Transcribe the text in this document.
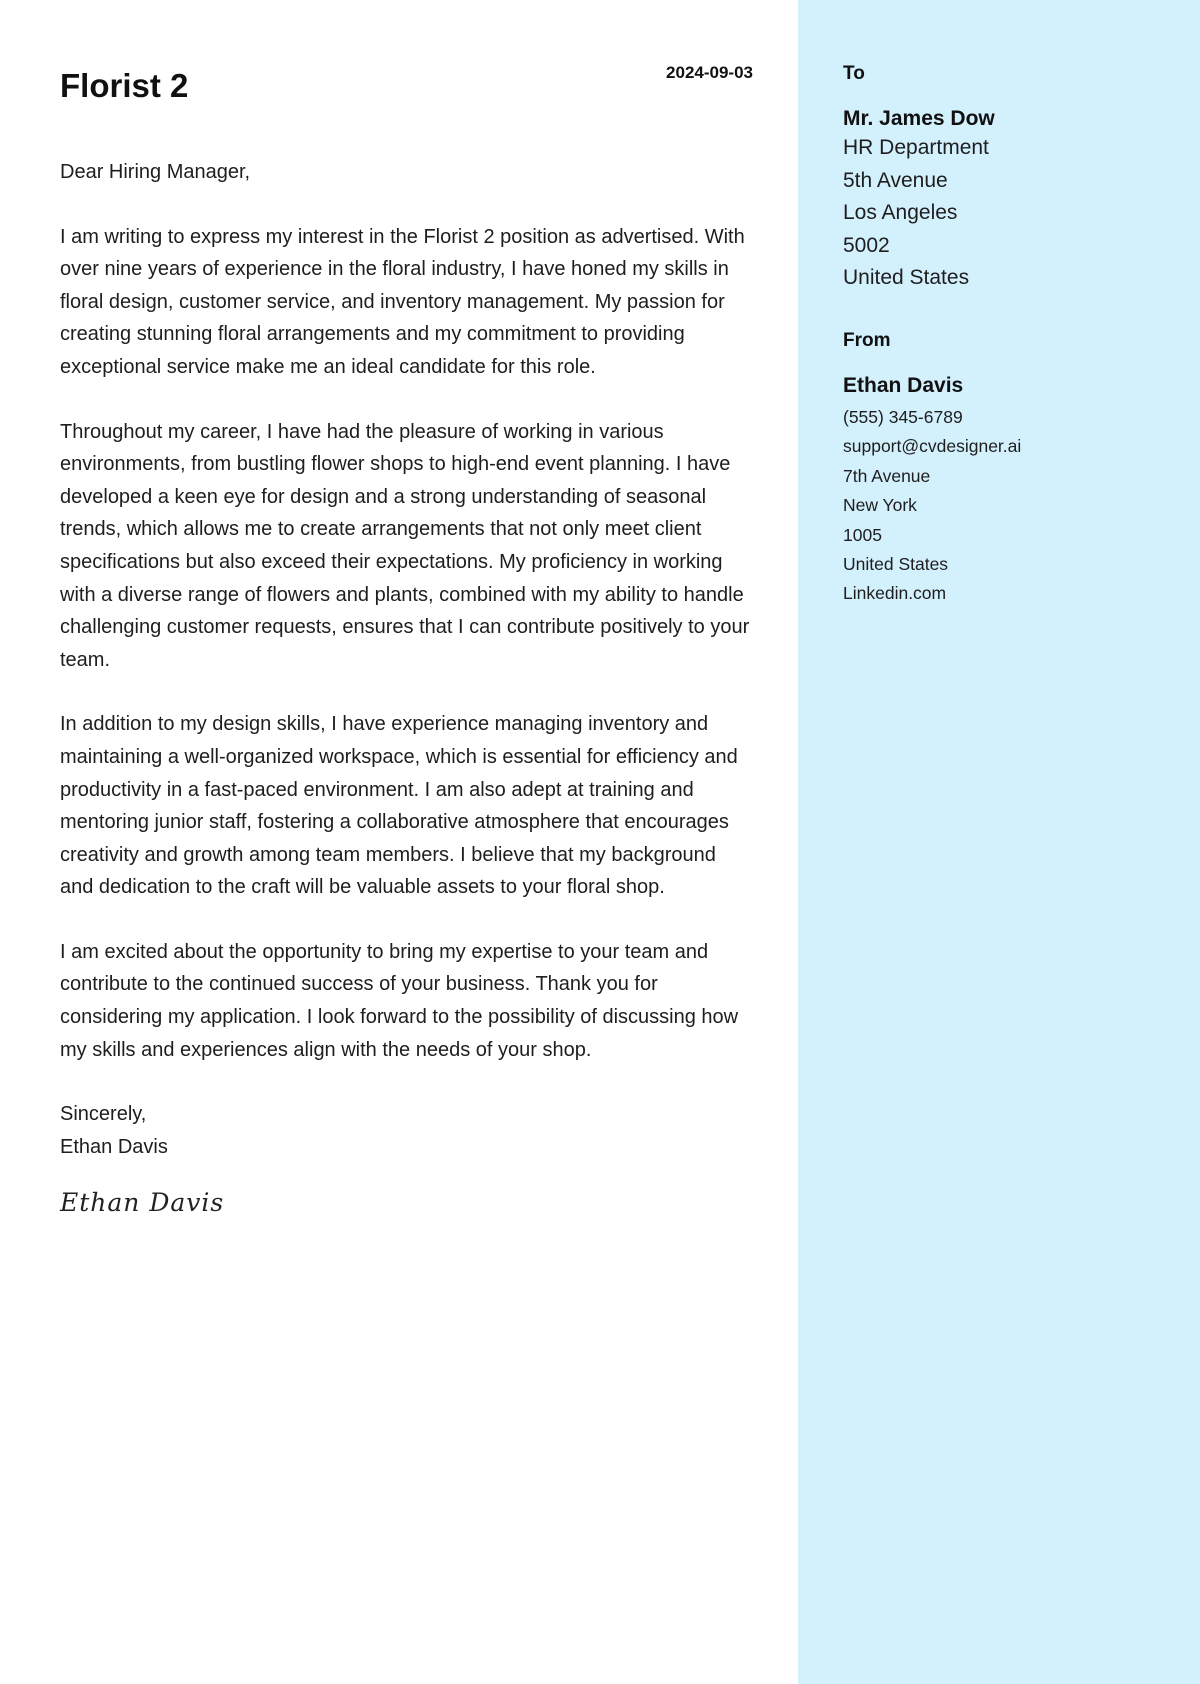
Florist 2	2024-09-03

Dear Hiring Manager,

I am writing to express my interest in the Florist 2 position as advertised. With over nine years of experience in the floral industry, I have honed my skills in floral design, customer service, and inventory management. My passion for creating stunning floral arrangements and my commitment to providing exceptional service make me an ideal candidate for this role.

Throughout my career, I have had the pleasure of working in various environments, from bustling flower shops to high-end event planning. I have developed a keen eye for design and a strong understanding of seasonal trends, which allows me to create arrangements that not only meet client specifications but also exceed their expectations. My proficiency in working with a diverse range of flowers and plants, combined with my ability to handle challenging customer requests, ensures that I can contribute positively to your team.

In addition to my design skills, I have experience managing inventory and maintaining a well-organized workspace, which is essential for efficiency and productivity in a fast-paced environment. I am also adept at training and mentoring junior staff, fostering a collaborative atmosphere that encourages creativity and growth among team members. I believe that my background and dedication to the craft will be valuable assets to your floral shop.

I am excited about the opportunity to bring my expertise to your team and contribute to the continued success of your business. Thank you for considering my application. I look forward to the possibility of discussing how my skills and experiences align with the needs of your shop.

Sincerely,
Ethan Davis
Ethan Davis
To
Mr. James Dow
HR Department
5th Avenue
Los Angeles
5002
United States
From
Ethan Davis
(555) 345-6789
support@cvdesigner.ai
7th Avenue
New York
1005
United States
Linkedin.com
